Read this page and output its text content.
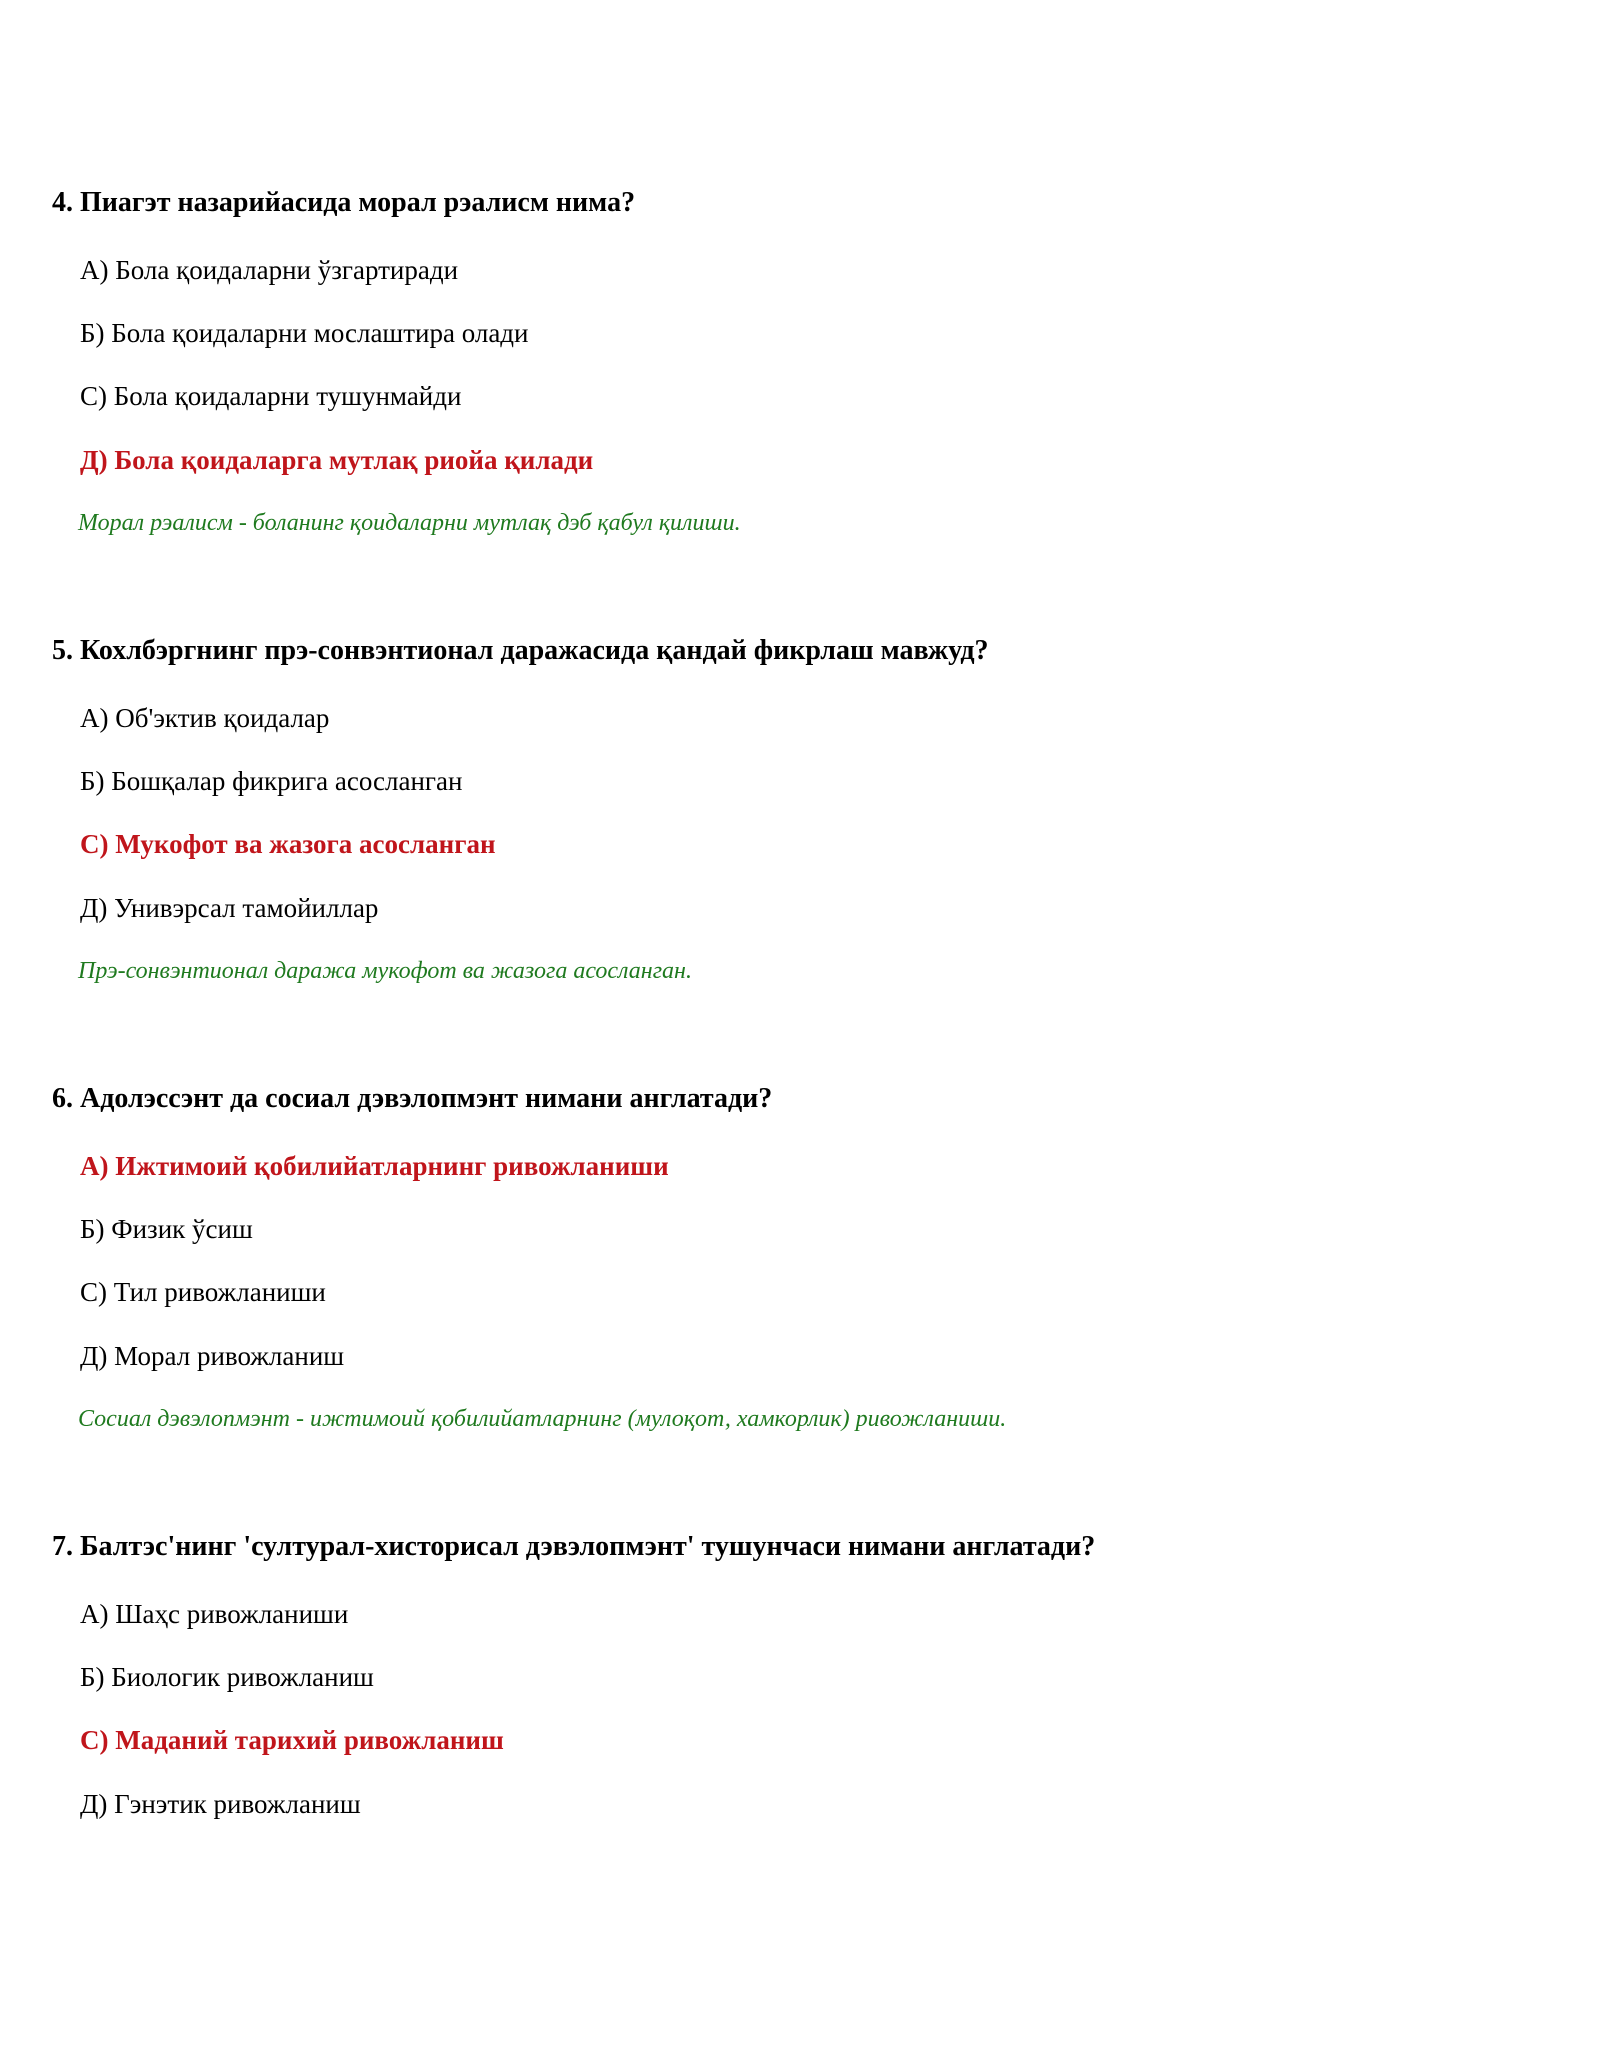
4. Пиагэт назарийасида морал рэалисм нима?
А) Бола қоидаларни ўзгартиради
Б) Бола қоидаларни мослаштира олади
С) Бола қоидаларни тушунмайди
Д) Бола қоидаларга мутлақ риойа қилади
Морал рэалисм - боланинг қоидаларни мутлақ дэб қабул қилиши.
5. Кохлбэргнинг прэ-сонвэнтионал даражасида қандай фикрлаш мавжуд?
А) Об'эктив қоидалар
Б) Бошқалар фикрига асосланган
С) Мукофот ва жазога асосланган
Д) Унивэрсал тамойиллар
Прэ-сонвэнтионал даража мукофот ва жазога асосланган.
6. Адолэссэнт да сосиал дэвэлопмэнт нимани англатади?
А) Ижтимоий қобилийатларнинг ривожланиши
Б) Физик ўсиш
С) Тил ривожланиши
Д) Морал ривожланиш
Сосиал дэвэлопмэнт - ижтимоий қобилийатларнинг (мулоқот, хамкорлик) ривожланиши.
7. Балтэс'нинг 'султурал-хисторисал дэвэлопмэнт' тушунчаси нимани англатади?
А) Шаҳс ривожланиши
Б) Биологик ривожланиш
С) Маданий тарихий ривожланиш
Д) Гэнэтик ривожланиш
